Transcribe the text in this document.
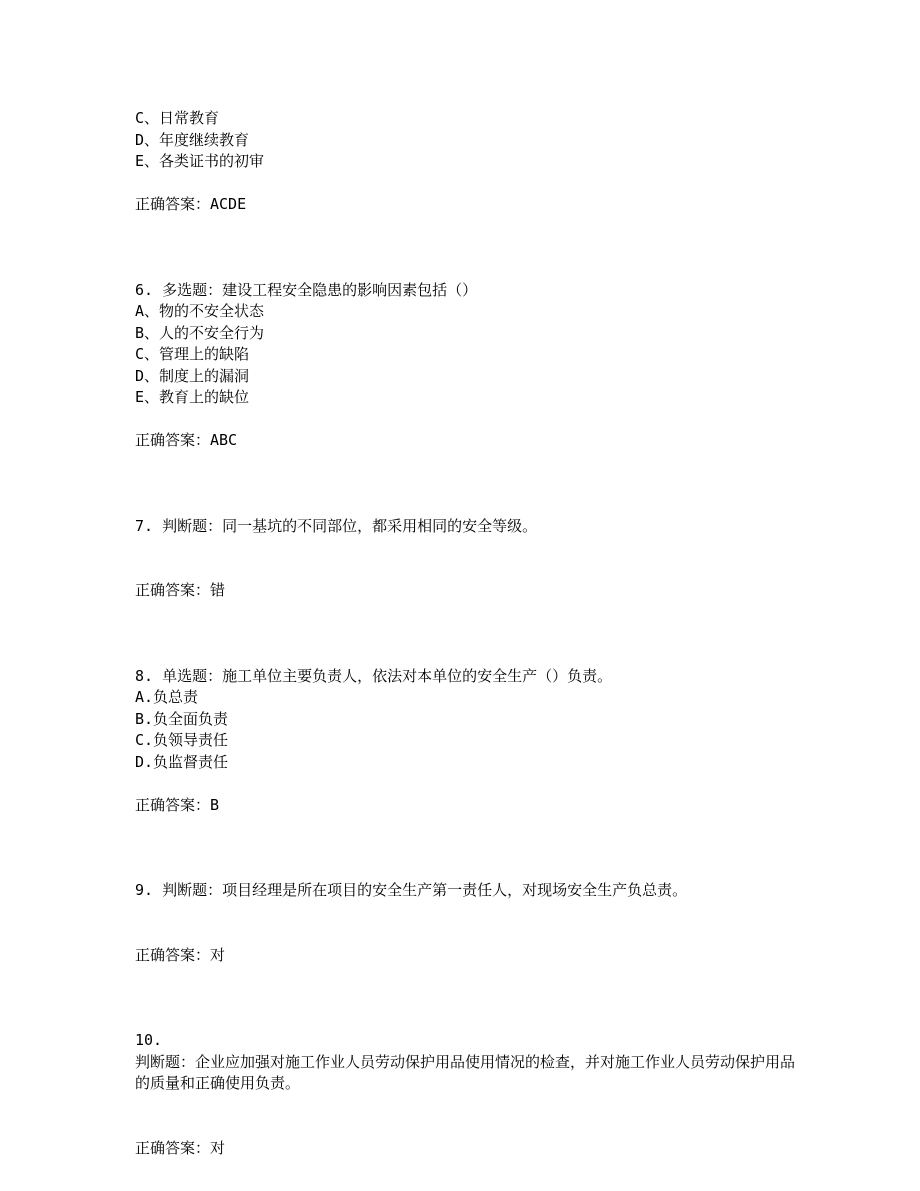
C、日常教育
D、年度继续教育
E、各类证书的初审
正确答案：ACDE
6. 多选题：建设工程安全隐患的影响因素包括（）
A、物的不安全状态
B、人的不安全行为
C、管理上的缺陷
D、制度上的漏洞
E、教育上的缺位
正确答案：ABC
7. 判断题：同一基坑的不同部位，都采用相同的安全等级。
正确答案：错
8. 单选题：施工单位主要负责人，依法对本单位的安全生产（）负责。
A.负总责
B.负全面负责
C.负领导责任
D.负监督责任
正确答案：B
9. 判断题：项目经理是所在项目的安全生产第一责任人，对现场安全生产负总责。
正确答案：对
10.
判断题：企业应加强对施工作业人员劳动保护用品使用情况的检查，并对施工作业人员劳动保护用品的质量和正确使用负责。
正确答案：对
